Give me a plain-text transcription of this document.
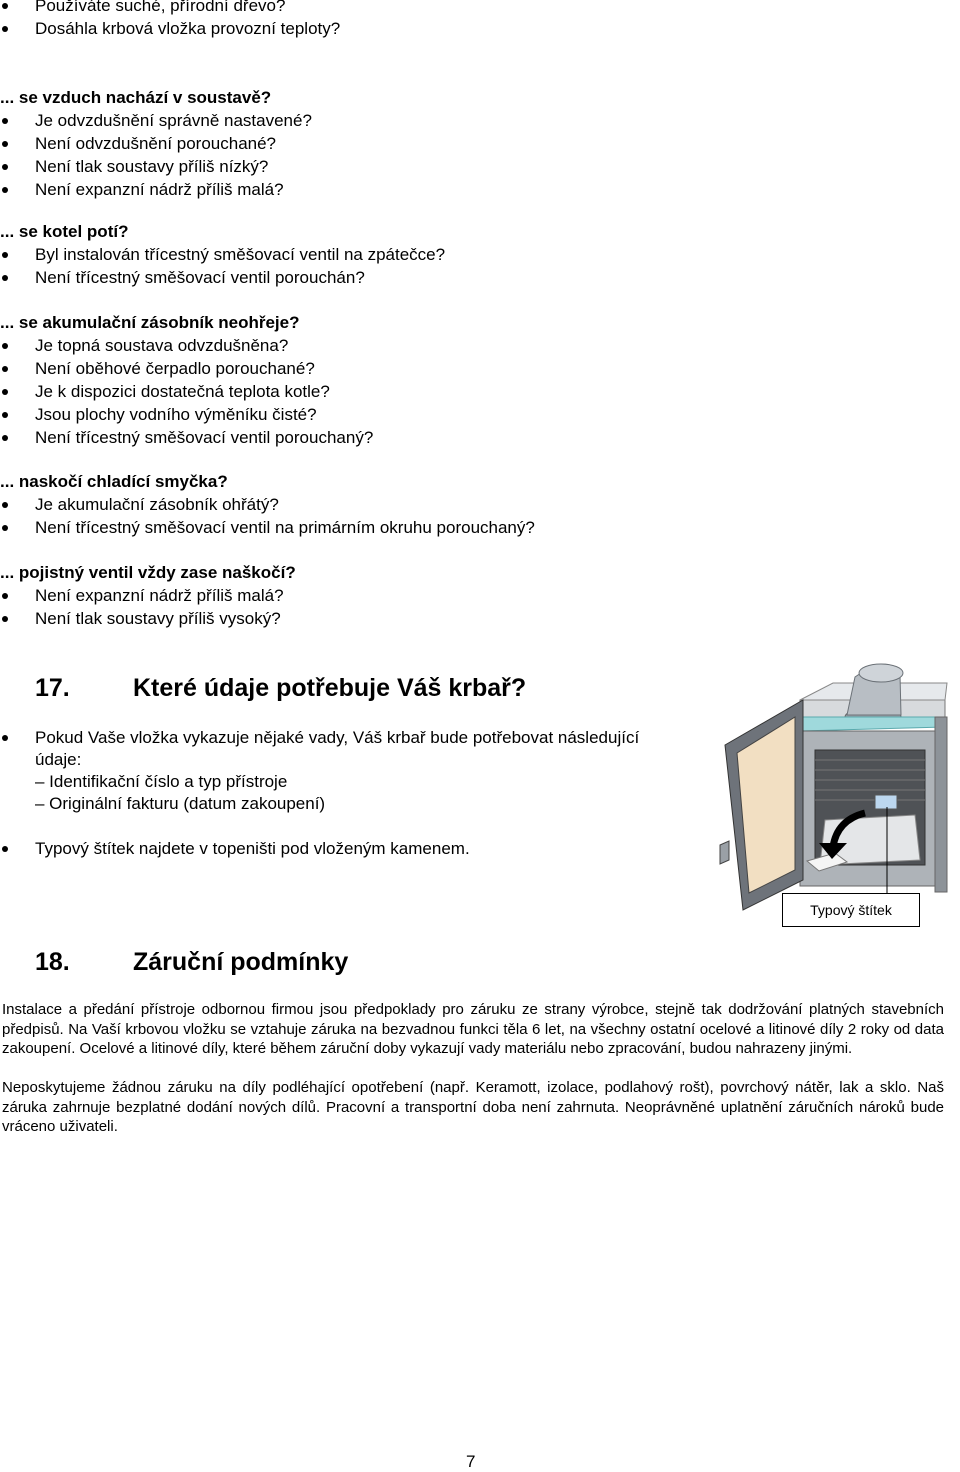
Používáte suché, přírodní dřevo?
Dosáhla krbová vložka provozní teploty?
... se vzduch nachází v soustavě?
Je odvzdušnění správně nastavené?
Není odvzdušnění porouchané?
Není tlak soustavy příliš nízký?
Není expanzní nádrž příliš malá?
... se kotel potí?
Byl instalován třícestný směšovací ventil na zpátečce?
Není třícestný směšovací ventil porouchán?
... se akumulační zásobník neohřeje?
Je topná soustava odvzdušněna?
Není oběhové čerpadlo porouchané?
Je k dispozici dostatečná teplota kotle?
Jsou plochy vodního výměníku čisté?
Není třícestný směšovací ventil porouchaný?
... naskočí chladící smyčka?
Je akumulační zásobník ohřátý?
Není třícestný směšovací ventil na primárním okruhu porouchaný?
... pojistný ventil vždy zase naškočí?
Není expanzní nádrž příliš malá?
Není tlak soustavy příliš vysoký?
17.	Které údaje potřebuje Váš krbař?
Pokud Vaše vložka vykazuje nějaké vady, Váš krbař bude potřebovat následující
údaje:
– Identifikační číslo a typ přístroje
– Originální fakturu (datum zakoupení)
Typový štítek najdete v topeništi pod vloženým kamenem.
Typový štítek
18.	Záruční podmínky

Instalace a předání přístroje odbornou firmou jsou předpoklady pro záruku ze strany výrobce, stejně tak dodržování platných stavebních předpisů. Na Vaší krbovou vložku se vztahuje záruka na bezvadnou funkci těla 6 let, na všechny ostatní ocelové a litinové díly 2 roky od data zakoupení. Ocelové a litinové díly, které během záruční doby vykazují vady materiálu nebo zpracování, budou nahrazeny jinými.

Neposkytujeme žádnou záruku na díly podléhající opotřebení (např. Keramott, izolace, podlahový rošt), povrchový nátěr, lak a sklo. Naš záruka zahrnuje bezplatné dodání nových dílů. Pracovní a transportní doba není zahrnuta. Neoprávněné uplatnění záručních nároků bude vráceno uživateli.

7
